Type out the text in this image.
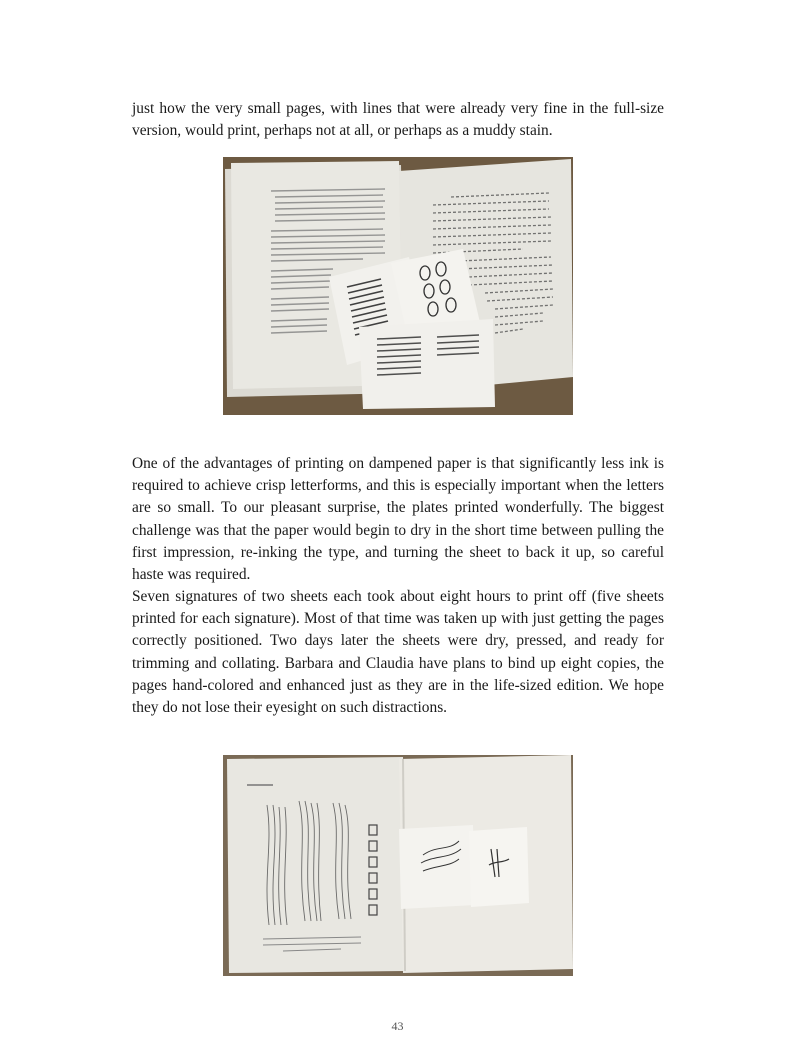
just how the very small pages, with lines that were already very fine in the full-size version, would print, perhaps not at all, or perhaps as a muddy stain.

One of the advantages of printing on dampened paper is that significantly less ink is required to achieve crisp letterforms, and this is especially important when the letters are so small. To our pleasant surprise, the plates printed wonderfully. The biggest challenge was that the paper would begin to dry in the short time between pulling the first impression, re-inking the type, and turning the sheet to back it up, so careful haste was required.

Seven signatures of two sheets each took about eight hours to print off (five sheets printed for each signature). Most of that time was taken up with just getting the pages correctly positioned. Two days later the sheets were dry, pressed, and ready for trimming and collating. Barbara and Claudia have plans to bind up eight copies, the pages hand-colored and enhanced just as they are in the life-sized edition. We hope they do not lose their eyesight on such distractions.

43
